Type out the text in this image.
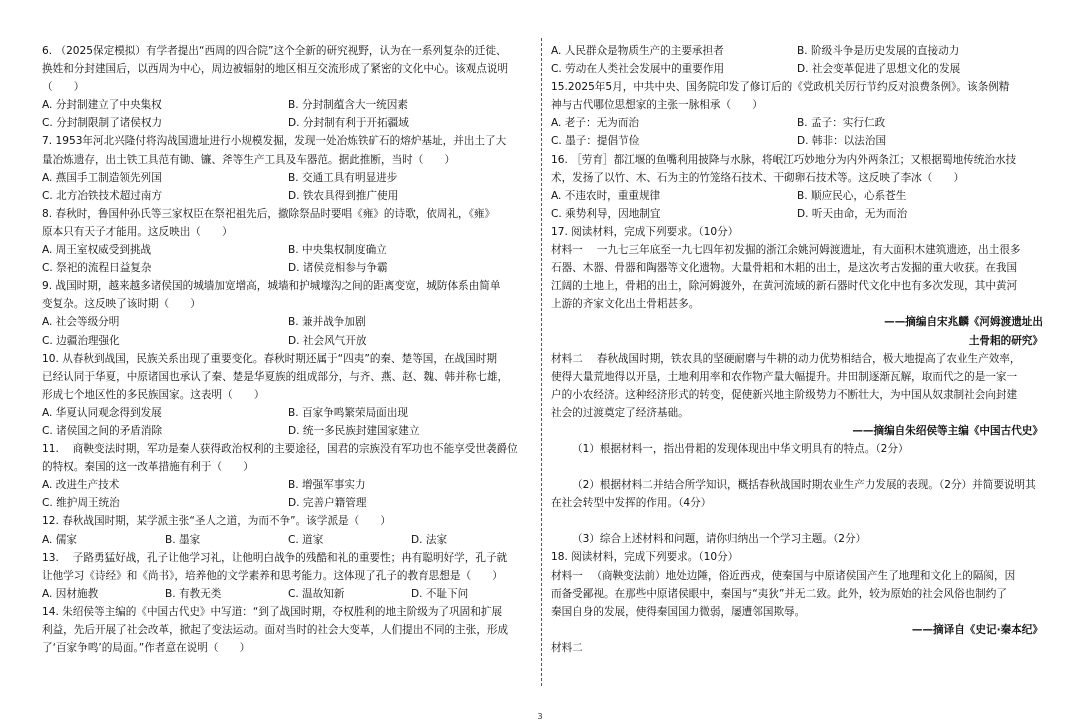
6. （2025保定模拟）有学者提出“西周的四合院”这个全新的研究视野，认为在一系列复杂的迁徙、
换姓和分封建国后，以西周为中心，周边被辐射的地区相互交流形成了紧密的文化中心。该观点说明
（　　）
A. 分封制建立了中央集权	B. 分封制蕴含大一统因素
C. 分封制限制了诸侯权力	D. 分封制有利于开拓疆域
7. 1953年河北兴隆付将沟战国遗址进行小规模发掘，发现一处冶炼铁矿石的熔炉基址，并出土了大
量冶炼遗存，出土铁工具范有锄、镰、斧等生产工具及车器范。据此推断，当时（　　）
A. 燕国手工制造领先列国	B. 交通工具有明显进步
C. 北方冶铁技术超过南方	D. 铁农具得到推广使用
8. 春秋时，鲁国仲孙氏等三家权臣在祭祀祖先后，撤除祭品时要唱《雍》的诗歌，依周礼，《雍》
原本只有天子才能用。这反映出（　　）
A. 周王室权威受到挑战	B. 中央集权制度确立
C. 祭祀的流程日益复杂	D. 诸侯竞相参与争霸
9. 战国时期，越来越多诸侯国的城墙加宽增高，城墙和护城壕沟之间的距离变宽，城防体系由简单
变复杂。这反映了该时期（　　）
A. 社会等级分明	B. 兼并战争加剧
C. 边疆治理强化	D. 社会风气开放
10. 从春秋到战国，民族关系出现了重要变化。春秋时期还属于“四夷”的秦、楚等国，在战国时期
已经认同于华夏，中原诸国也承认了秦、楚是华夏族的组成部分，与齐、燕、赵、魏、韩并称七雄，
形成七个地区性的多民族国家。这表明（　　）
A. 华夏认同观念得到发展	B. 百家争鸣繁荣局面出现
C. 诸侯国之间的矛盾消除	D. 统一多民族封建国家建立
11. 　商鞅变法时期，军功是秦人获得政治权利的主要途径，国君的宗族没有军功也不能享受世袭爵位
的特权。秦国的这一改革措施有利于（　　）
A. 改进生产技术	B. 增强军事实力
C. 维护周王统治	D. 完善户籍管理
12. 春秋战国时期，某学派主张“圣人之道，为而不争”。该学派是（　　）
A. 儒家	B. 墨家	C. 道家	D. 法家
13. 　子路勇猛好战，孔子让他学习礼，让他明白战争的残酷和礼的重要性；冉有聪明好学，孔子就
让他学习《诗经》和《尚书》，培养他的文学素养和思考能力。这体现了孔子的教育思想是（　　）
A. 因材施教	B. 有教无类	C. 温故知新	D. 不耻下问
14. 朱绍侯等主编的《中国古代史》中写道：“到了战国时期，夺权胜利的地主阶级为了巩固和扩展
利益，先后开展了社会改革，掀起了变法运动。面对当时的社会大变革，人们提出不同的主张，形成
了‘百家争鸣’的局面。”作者意在说明（　　）
A. 人民群众是物质生产的主要承担者	B. 阶级斗争是历史发展的直接动力
C. 劳动在人类社会发展中的重要作用	D. 社会变革促进了思想文化的发展
15.2025年5月，中共中央、国务院印发了修订后的《党政机关厉行节约反对浪费条例》。该条例精
神与古代哪位思想家的主张一脉相承（　　）
A. 老子：无为而治	B. 孟子：实行仁政
C. 墨子：提倡节俭	D. 韩非：以法治国
16. ［劳育］都江堰的鱼嘴利用披降与水脉，将岷江巧妙地分为内外两条江；又根据蜀地传统治水技
术，发扬了以竹、木、石为主的竹笼络石技术、干砌卵石技术等。这反映了李冰（　　）
A. 不违农时，重重规律	B. 顺应民心，心系苍生
C. 乘势利导，因地制宜	D. 听天由命，无为而治
17. 阅读材料，完成下列要求。（10分）
材料一 　一九七三年底至一九七四年初发掘的浙江余姚河姆渡遗址，有大面积木建筑遗迹，出土很多
石器、木器、骨器和陶器等文化遗物。大量骨耜和木耜的出土，是这次考古发掘的重大收获。在我国
江阔的土地上，骨耜的出土，除河姆渡外，在黄河流域的新石器时代文化中也有多次发现，其中黄河
上游的齐家文化出土骨耜甚多。
——摘编自宋兆麟《河姆渡遗址出
土骨耜的研究》
材料二 　春秋战国时期，铁农具的坚硬耐磨与牛耕的动力优势相结合，极大地提高了农业生产效率，
使得大量荒地得以开垦，土地利用率和农作物产量大幅提升。井田制逐渐瓦解，取而代之的是一家一
户的小农经济。这种经济形式的转变，促使新兴地主阶级势力不断壮大，为中国从奴隶制社会向封建
社会的过渡奠定了经济基础。
——摘编自朱绍侯等主编《中国古代史》
（1）根据材料一，指出骨耜的发现体现出中华文明具有的特点。（2分）
（2）根据材料二并结合所学知识，概括春秋战国时期农业生产力发展的表现。（2分）并简要说明其
在社会转型中发挥的作用。（4分）
（3）综合上述材料和问题，请你归纳出一个学习主题。（2分）
18. 阅读材料，完成下列要求。（10分）
材料一 　（商鞅变法前）地处边陲，俗近西戎，使秦国与中原诸侯国产生了地理和文化上的隔阂，因
而备受鄙视。在那些中原诸侯眼中，秦国与“夷狄”并无二致。此外，较为原始的社会风俗也制约了
秦国自身的发展，使得秦国国力微弱，屡遭邻国欺辱。
——摘译自《史记·秦本纪》
材料二
3
